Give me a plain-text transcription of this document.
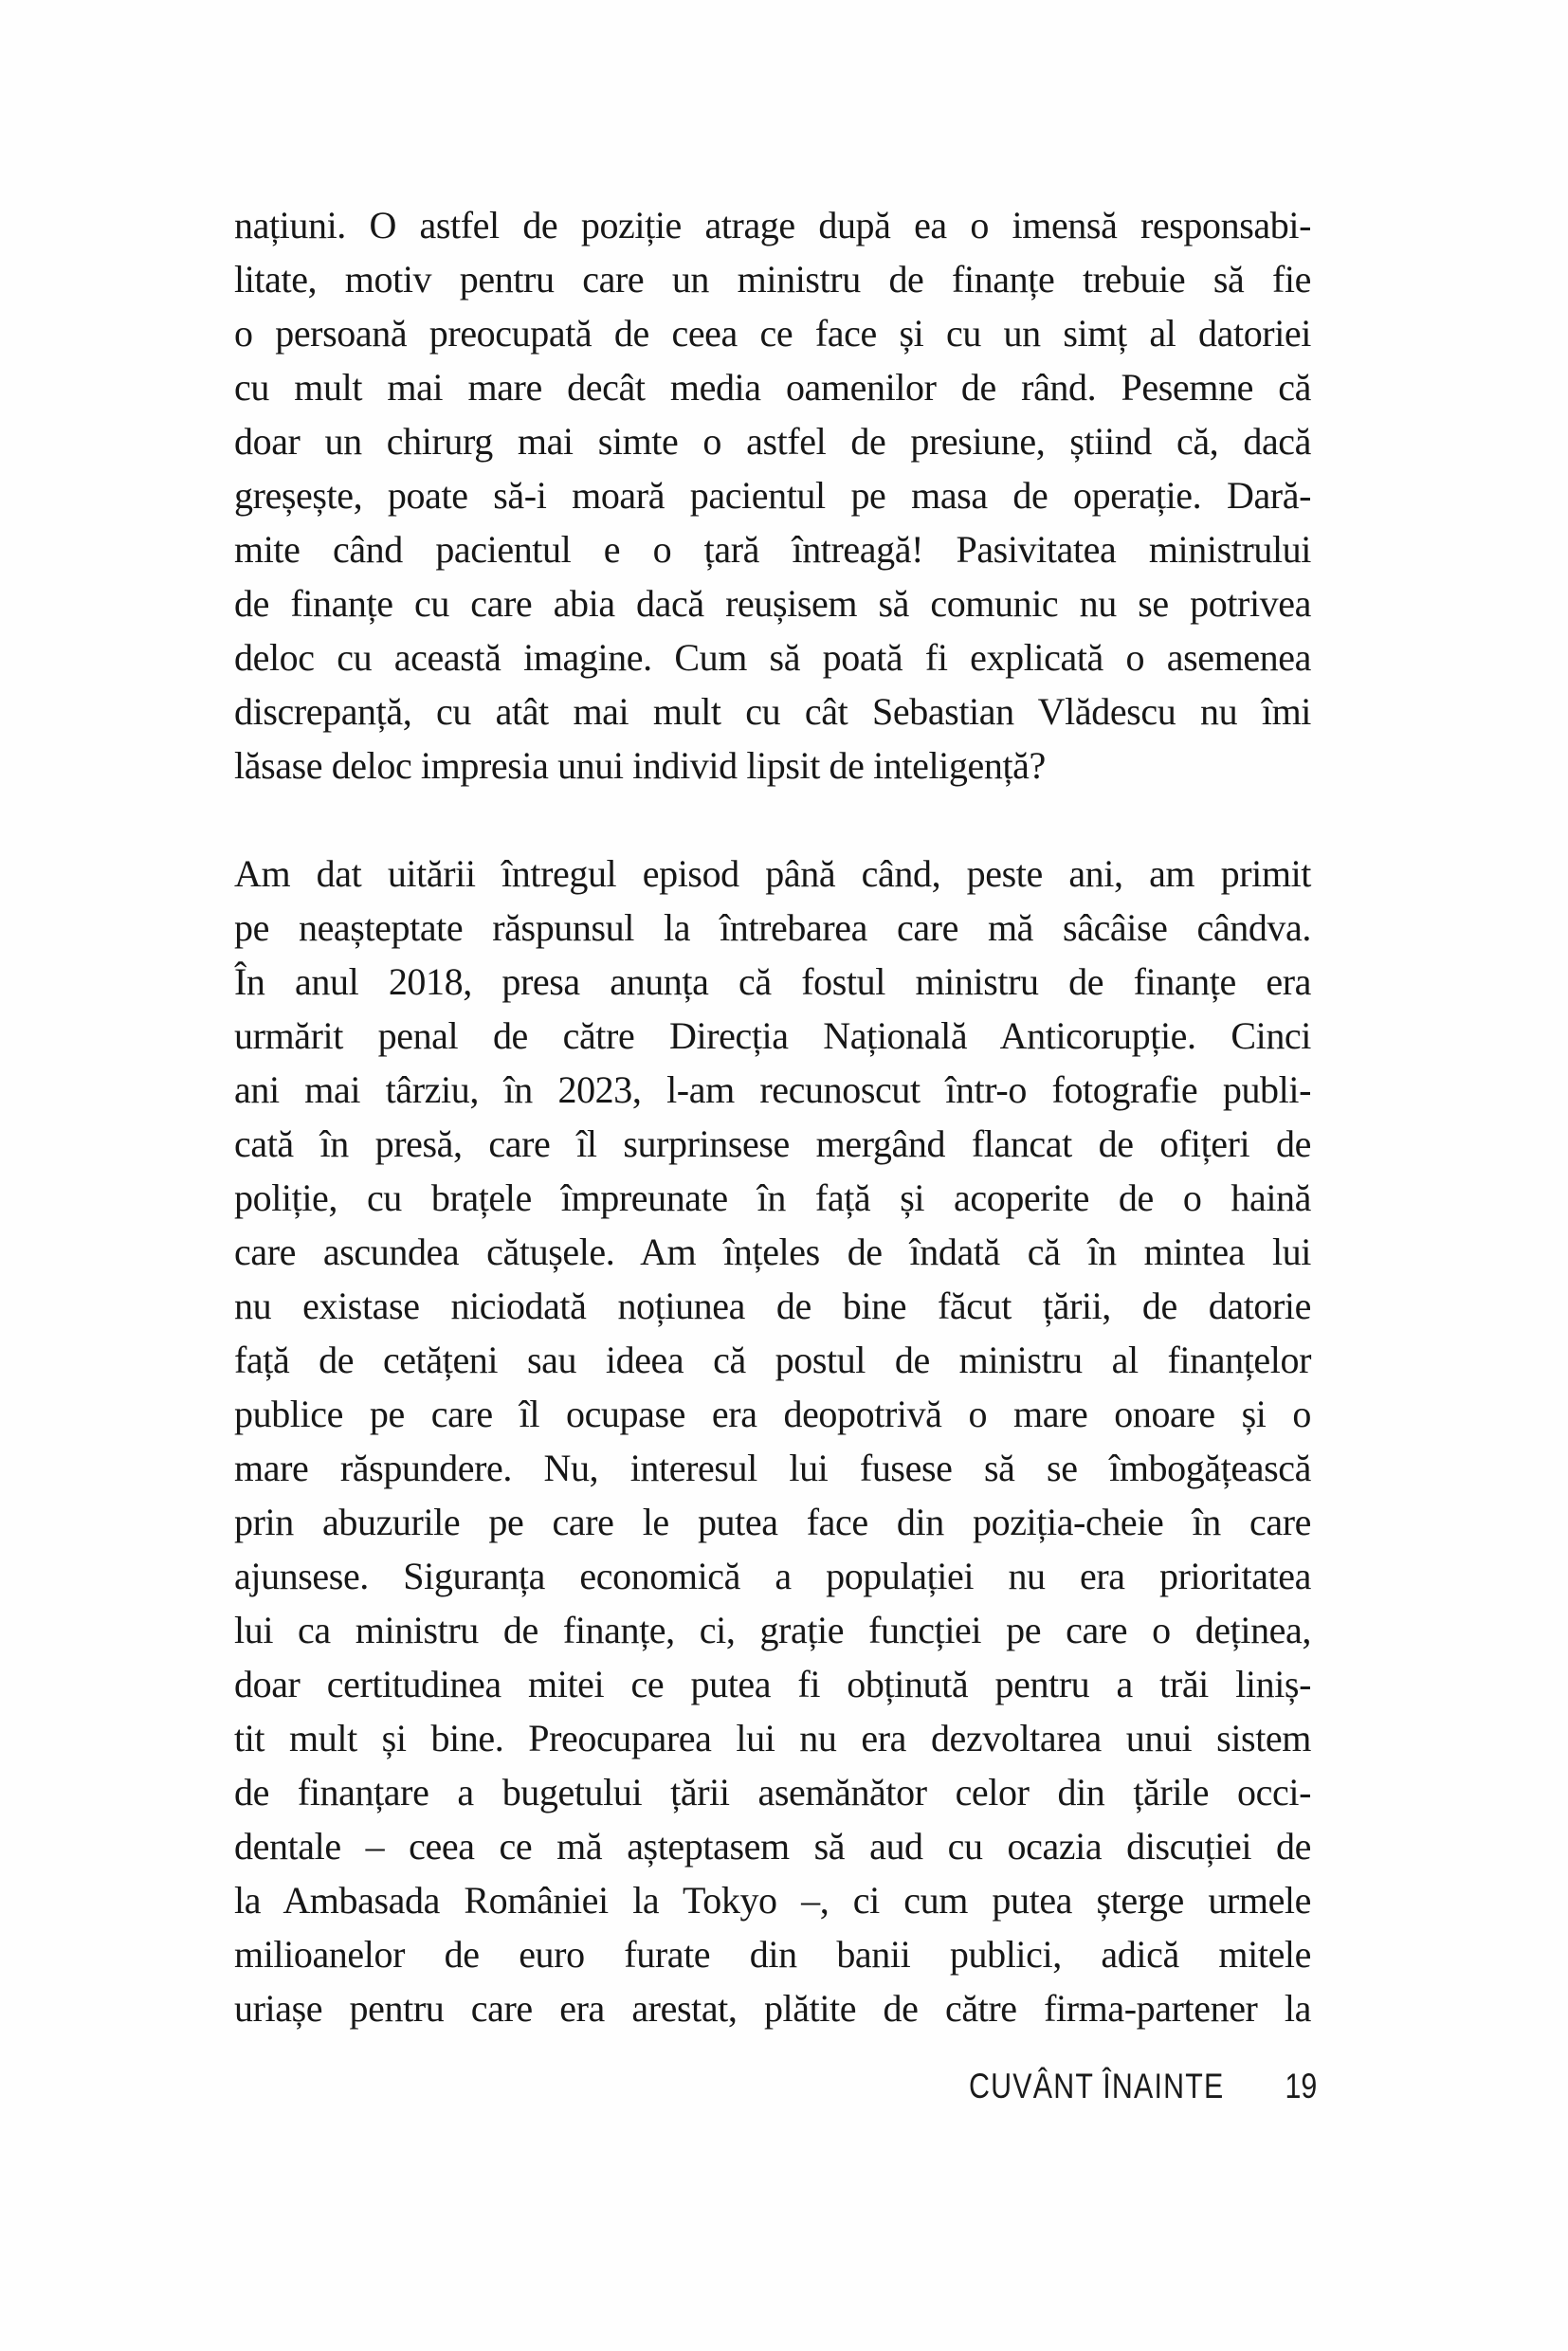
națiuni. O astfel de poziție atrage după ea o imensă responsabi-
litate, motiv pentru care un ministru de finanțe trebuie să fie
o persoană preocupată de ceea ce face și cu un simț al datoriei
cu mult mai mare decât media oamenilor de rând. Pesemne că
doar un chirurg mai simte o astfel de presiune, știind că, dacă
greșește, poate să-i moară pacientul pe masa de operație. Dară-
mite când pacientul e o țară întreagă! Pasivitatea ministrului
de finanțe cu care abia dacă reușisem să comunic nu se potrivea
deloc cu această imagine. Cum să poată fi explicată o asemenea
discrepanță, cu atât mai mult cu cât Sebastian Vlădescu nu îmi
lăsase deloc impresia unui individ lipsit de inteligență?
Am dat uitării întregul episod până când, peste ani, am primit
pe neașteptate răspunsul la întrebarea care mă sâcâise cândva.
În anul 2018, presa anunța că fostul ministru de finanțe era
urmărit penal de către Direcția Națională Anticorupție. Cinci
ani mai târziu, în 2023, l-am recunoscut într-o fotografie publi-
cată în presă, care îl surprinsese mergând flancat de ofițeri de
poliție, cu brațele împreunate în față și acoperite de o haină
care ascundea cătușele. Am înțeles de îndată că în mintea lui
nu existase niciodată noțiunea de bine făcut țării, de datorie
față de cetățeni sau ideea că postul de ministru al finanțelor
publice pe care îl ocupase era deopotrivă o mare onoare și o
mare răspundere. Nu, interesul lui fusese să se îmbogățească
prin abuzurile pe care le putea face din poziția-cheie în care
ajunsese. Siguranța economică a populației nu era prioritatea
lui ca ministru de finanțe, ci, grație funcției pe care o deținea,
doar certitudinea mitei ce putea fi obținută pentru a trăi liniș-
tit mult și bine. Preocuparea lui nu era dezvoltarea unui sistem
de finanțare a bugetului țării asemănător celor din țările occi-
dentale – ceea ce mă așteptasem să aud cu ocazia discuției de
la Ambasada României la Tokyo –, ci cum putea șterge urmele
milioanelor de euro furate din banii publici, adică mitele
uriașe pentru care era arestat, plătite de către firma-partener la
CUVÂNT ÎNAINTE 19
